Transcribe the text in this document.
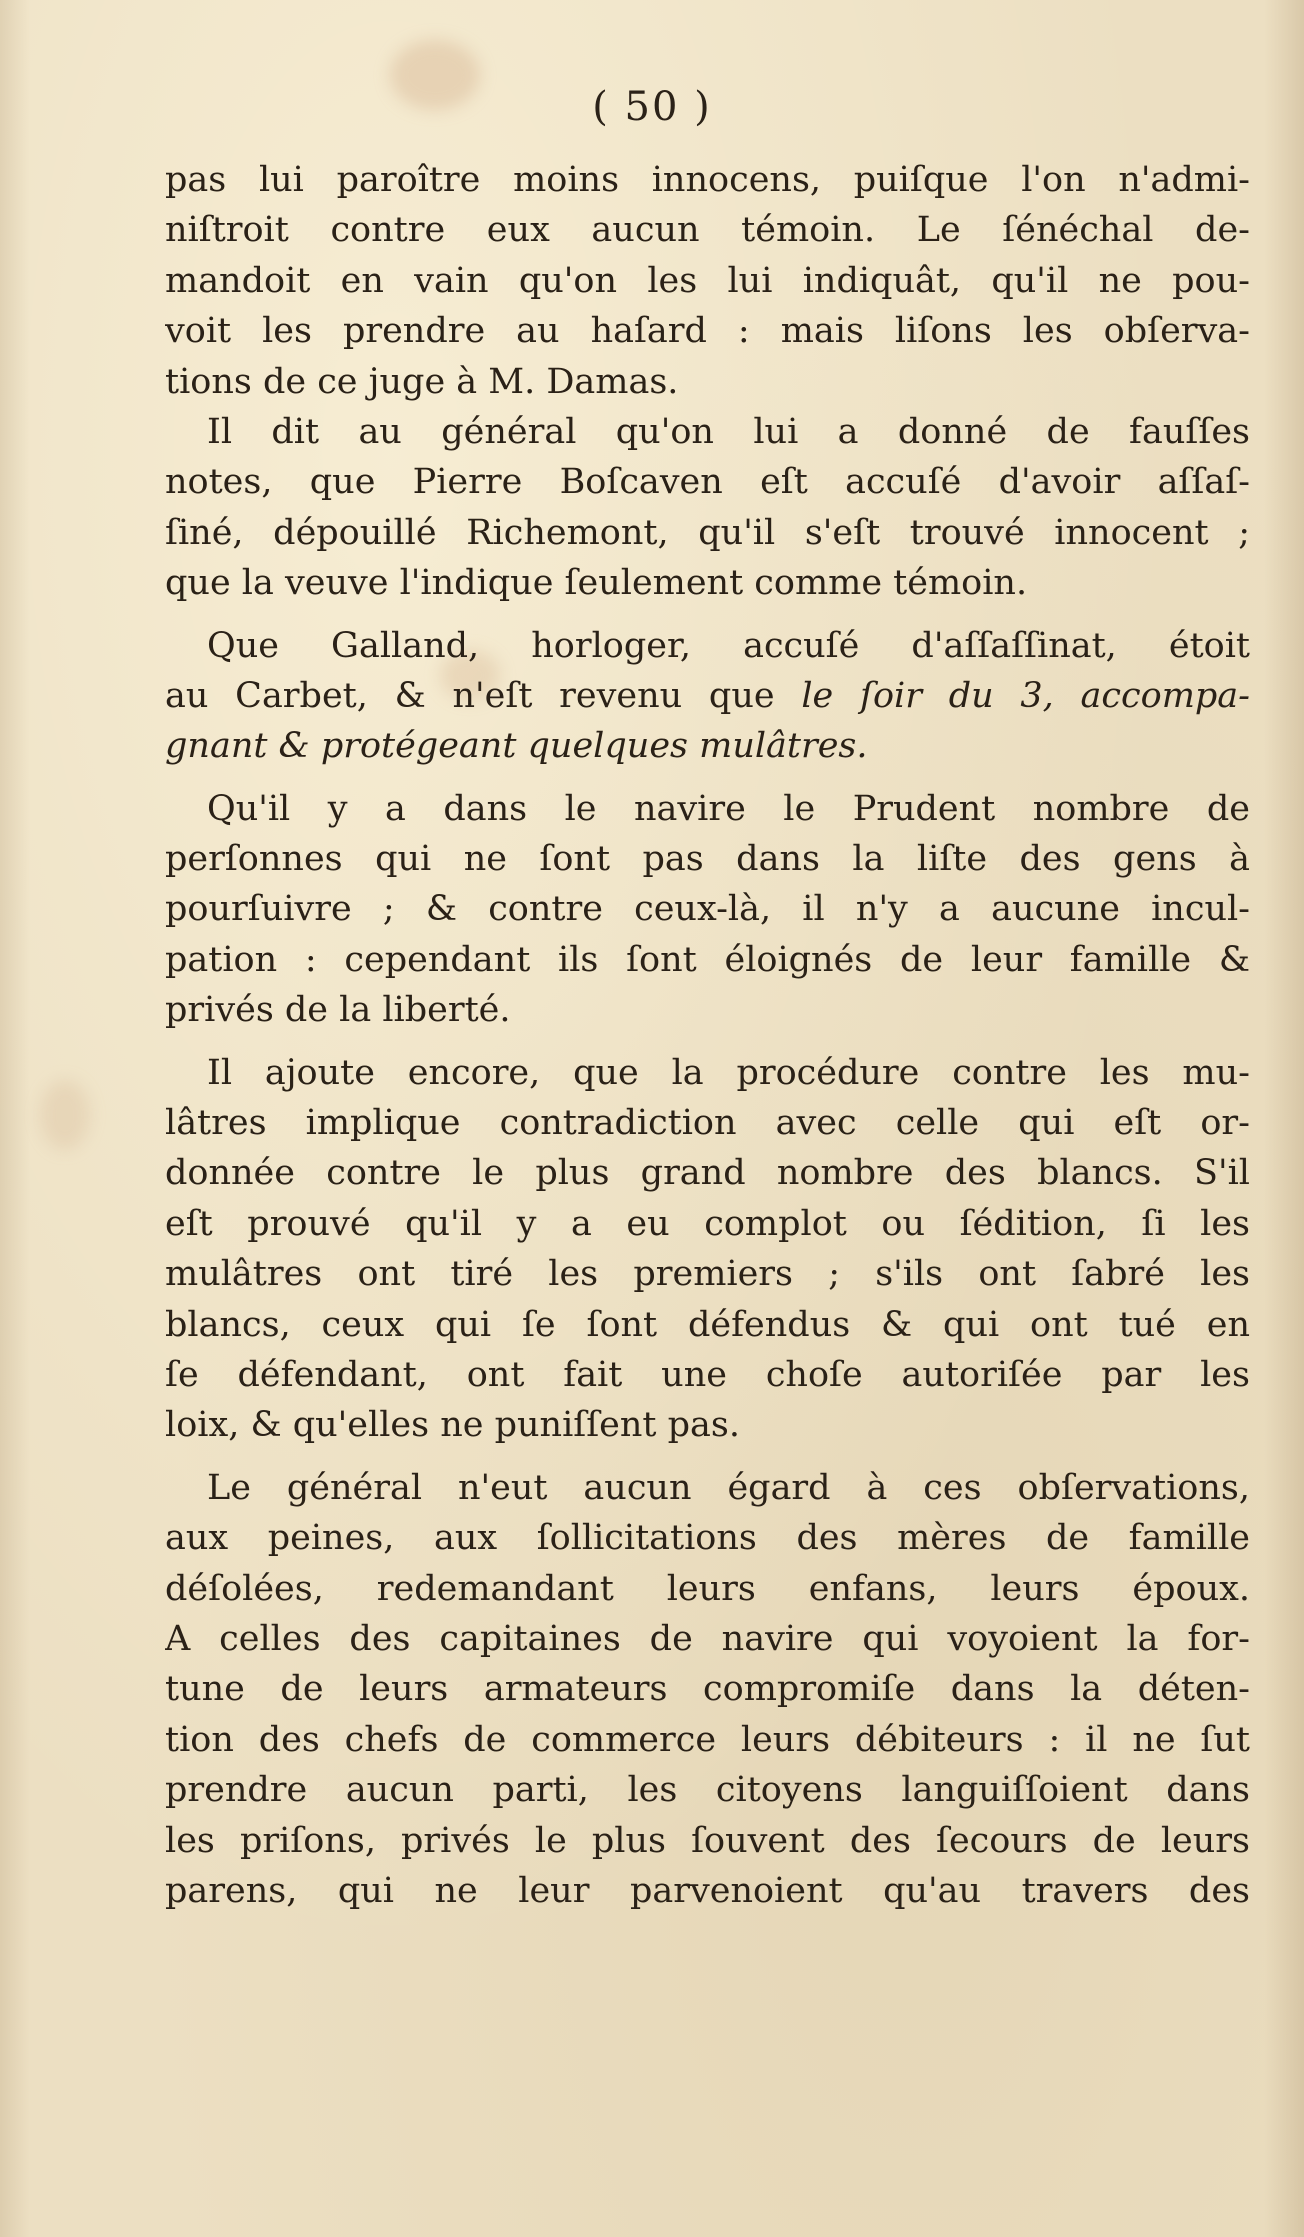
( 50 )
pas lui paroître moins innocens, puiſque l'on n'admi-
niſtroit contre eux aucun témoin. Le ſénéchal de-
mandoit en vain qu'on les lui indiquât, qu'il ne pou-
voit les prendre au haſard : mais liſons les obſerva-
tions de ce juge à M. Damas.
Il dit au général qu'on lui a donné de fauſſes
notes, que Pierre Boſcaven eſt accuſé d'avoir aſſaſ-
ſiné, dépouillé Richemont, qu'il s'eſt trouvé innocent ;
que la veuve l'indique ſeulement comme témoin.
Que Galland, horloger, accuſé d'aſſaſſinat, étoit
au Carbet, & n'eſt revenu que le ſoir du 3, accompa-
gnant & protégeant quelques mulâtres.
Qu'il y a dans le navire le Prudent nombre de
perſonnes qui ne ſont pas dans la liſte des gens à
pourſuivre ; & contre ceux-là, il n'y a aucune incul-
pation : cependant ils ſont éloignés de leur famille &
privés de la liberté.
Il ajoute encore, que la procédure contre les mu-
lâtres implique contradiction avec celle qui eſt or-
donnée contre le plus grand nombre des blancs. S'il
eſt prouvé qu'il y a eu complot ou ſédition, ſi les
mulâtres ont tiré les premiers ; s'ils ont ſabré les
blancs, ceux qui ſe ſont défendus & qui ont tué en
ſe défendant, ont fait une choſe autoriſée par les
loix, & qu'elles ne puniſſent pas.
Le général n'eut aucun égard à ces obſervations,
aux peines, aux ſollicitations des mères de famille
déſolées, redemandant leurs enfans, leurs époux.
A celles des capitaines de navire qui voyoient la for-
tune de leurs armateurs compromiſe dans la déten-
tion des chefs de commerce leurs débiteurs : il ne ſut
prendre aucun parti, les citoyens languiſſoient dans
les priſons, privés le plus ſouvent des ſecours de leurs
parens, qui ne leur parvenoient qu'au travers des
